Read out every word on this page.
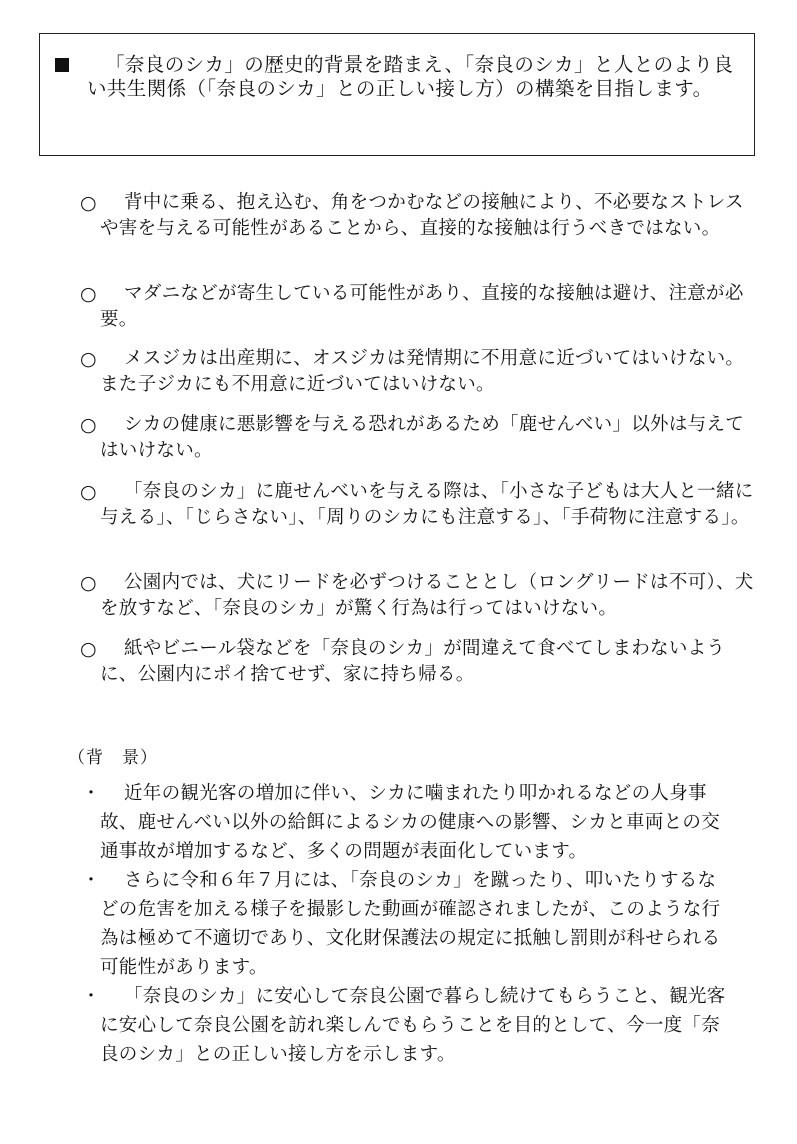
「奈良のシカ」の歴史的背景を踏まえ、「奈良のシカ」と人とのより良い共生関係（「奈良のシカ」との正しい接し方）の構築を目指します。
○	背中に乗る、抱え込む、角をつかむなどの接触により、不必要なストレスや害を与える可能性があることから、直接的な接触は行うべきではない。
○	マダニなどが寄生している可能性があり、直接的な接触は避け、注意が必要。
○	メスジカは出産期に、オスジカは発情期に不用意に近づいてはいけない。また子ジカにも不用意に近づいてはいけない。
○	シカの健康に悪影響を与える恐れがあるため「鹿せんべい」以外は与えてはいけない。
○	「奈良のシカ」に鹿せんべいを与える際は、「小さな子どもは大人と一緒に与える」、「じらさない」、「周りのシカにも注意する」、「手荷物に注意する」。
○	公園内では、犬にリードを必ずつけることとし（ロングリードは不可）、犬を放すなど、「奈良のシカ」が驚く行為は行ってはいけない。
○	紙やビニール袋などを「奈良のシカ」が間違えて食べてしまわないように、公園内にポイ捨てせず、家に持ち帰る。
（背　景）
・	近年の観光客の増加に伴い、シカに噛まれたり叩かれるなどの人身事故、鹿せんべい以外の給餌によるシカの健康への影響、シカと車両との交通事故が増加するなど、多くの問題が表面化しています。
・	さらに令和６年７月には、「奈良のシカ」を蹴ったり、叩いたりするなどの危害を加える様子を撮影した動画が確認されましたが、このような行為は極めて不適切であり、文化財保護法の規定に抵触し罰則が科せられる可能性があります。
・	「奈良のシカ」に安心して奈良公園で暮らし続けてもらうこと、観光客に安心して奈良公園を訪れ楽しんでもらうことを目的として、今一度「奈良のシカ」との正しい接し方を示します。
